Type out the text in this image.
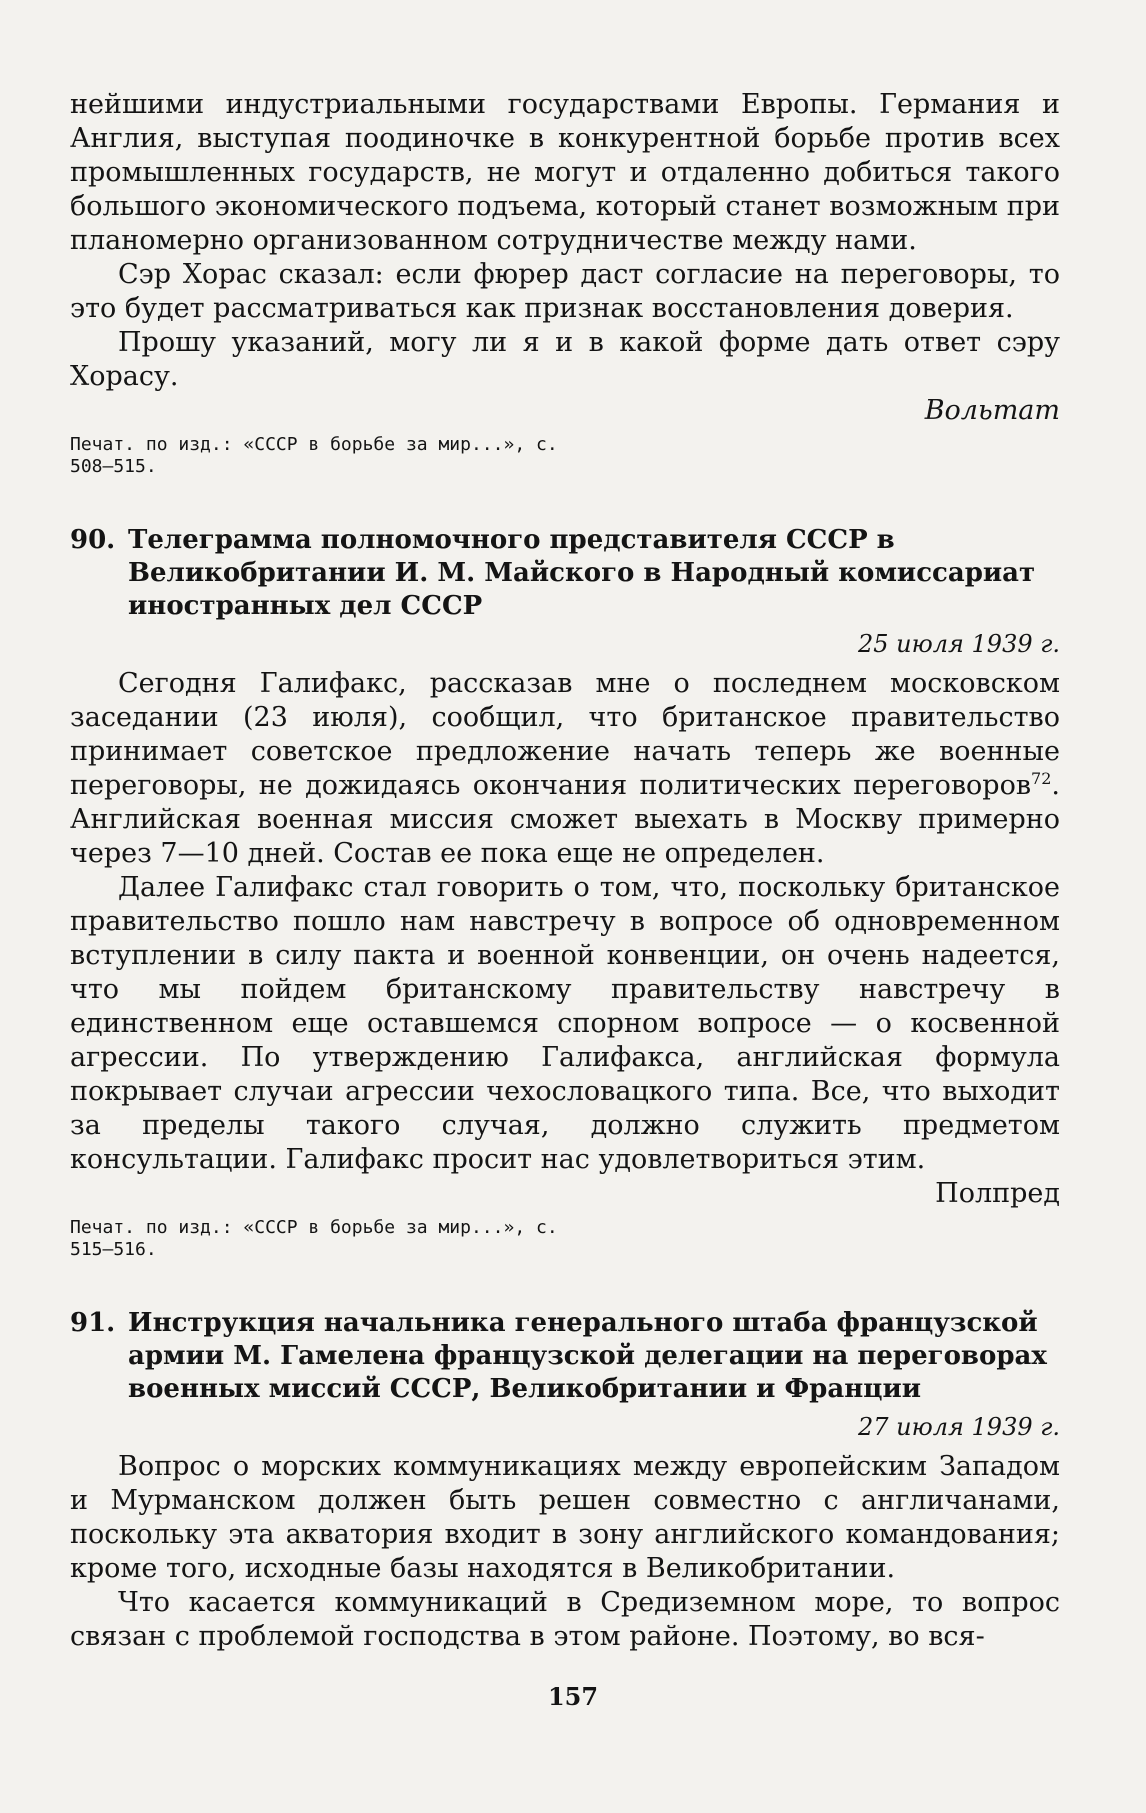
нейшими индустриальными государствами Европы. Германия и Англия, выступая поодиночке в конкурентной борьбе против всех промышленных государств, не могут и отдаленно добиться такого большого экономического подъема, который станет возможным при планомерно организованном сотрудничестве между нами.

Сэр Хорас сказал: если фюрер даст согласие на переговоры, то это будет рассматриваться как признак восстановления доверия.

Прошу указаний, могу ли я и в какой форме дать ответ сэру Хорасу.

Вольтат

Печат. по изд.: «СССР в борьбе за мир...», с. 508—515.

90. Телеграмма полномочного представителя СССР в Великобритании И. М. Майского в Народный комиссариат иностранных дел СССР

25 июля 1939 г.

Сегодня Галифакс, рассказав мне о последнем московском заседании (23 июля), сообщил, что британское правительство принимает советское предложение начать теперь же военные переговоры, не дожидаясь окончания политических переговоров$^{72}$. Английская военная миссия сможет выехать в Москву примерно через 7—10 дней. Состав ее пока еще не определен.

Далее Галифакс стал говорить о том, что, поскольку британское правительство пошло нам навстречу в вопросе об одновременном вступлении в силу пакта и военной конвенции, он очень надеется, что мы пойдем британскому правительству навстречу в единственном еще оставшемся спорном вопросе — о косвенной агрессии. По утверждению Галифакса, английская формула покрывает случаи агрессии чехословацкого типа. Все, что выходит за пределы такого случая, должно служить предметом консультации. Галифакс просит нас удовлетвориться этим.

Полпред

Печат. по изд.: «СССР в борьбе за мир...», с. 515—516.

91. Инструкция начальника генерального штаба французской армии М. Гамелена французской делегации на переговорах военных миссий СССР, Великобритании и Франции

27 июля 1939 г.

Вопрос о морских коммуникациях между европейским Западом и Мурманском должен быть решен совместно с англичанами, поскольку эта акватория входит в зону английского командования; кроме того, исходные базы находятся в Великобритании.

Что касается коммуникаций в Средиземном море, то вопрос связан с проблемой господства в этом районе. Поэтому, во вся-

157
